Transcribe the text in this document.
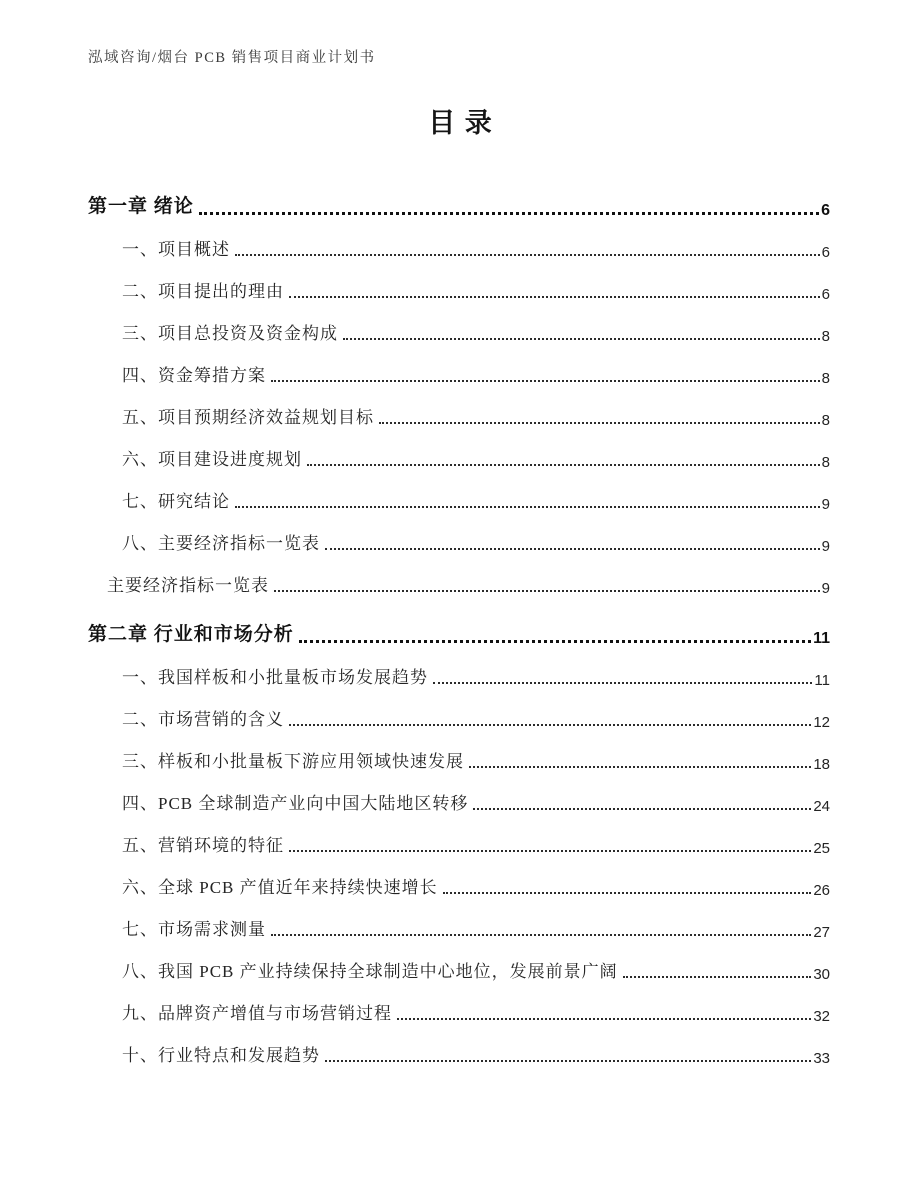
泓域咨询/烟台 PCB 销售项目商业计划书
目录
第一章 绪论	6
一、项目概述	6
二、项目提出的理由	6
三、项目总投资及资金构成	8
四、资金筹措方案	8
五、项目预期经济效益规划目标	8
六、项目建设进度规划	8
七、研究结论	9
八、主要经济指标一览表	9
主要经济指标一览表	9
第二章 行业和市场分析	11
一、我国样板和小批量板市场发展趋势	11
二、市场营销的含义	12
三、样板和小批量板下游应用领域快速发展	18
四、PCB 全球制造产业向中国大陆地区转移	24
五、营销环境的特征	25
六、全球 PCB 产值近年来持续快速增长	26
七、市场需求测量	27
八、我国 PCB 产业持续保持全球制造中心地位，发展前景广阔	30
九、品牌资产增值与市场营销过程	32
十、行业特点和发展趋势	33
